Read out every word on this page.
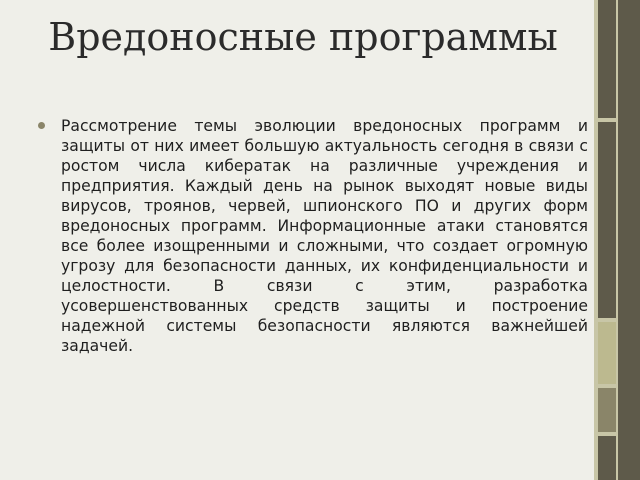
Вредоносные программы

Рассмотрение темы эволюции вредоносных программ и защиты от них имеет большую актуальность сегодня в связи с ростом числа кибератак на различные учреждения и предприятия. Каждый день на рынок выходят новые виды вирусов, троянов, червей, шпионского ПО и других форм вредоносных программ. Информационные атаки становятся все более изощренными и сложными, что создает огромную угрозу для безопасности данных, их конфиденциальности и целостности. В связи с этим, разработка усовершенствованных средств защиты и построение надежной системы безопасности являются важнейшей задачей.
